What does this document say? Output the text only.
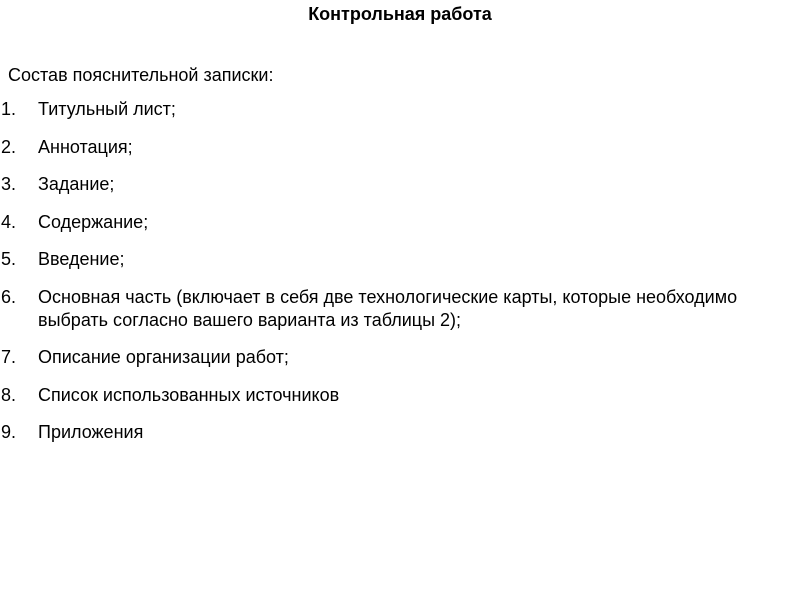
Контрольная работа
Состав пояснительной записки:
1.	Титульный лист;
2.	Аннотация;
3.	Задание;
4.	Содержание;
5.	Введение;
6.	Основная часть (включает в себя две технологические карты, которые необходимо выбрать согласно вашего варианта из таблицы 2);
7.	Описание организации работ;
8.	Список использованных источников
9.	Приложения
